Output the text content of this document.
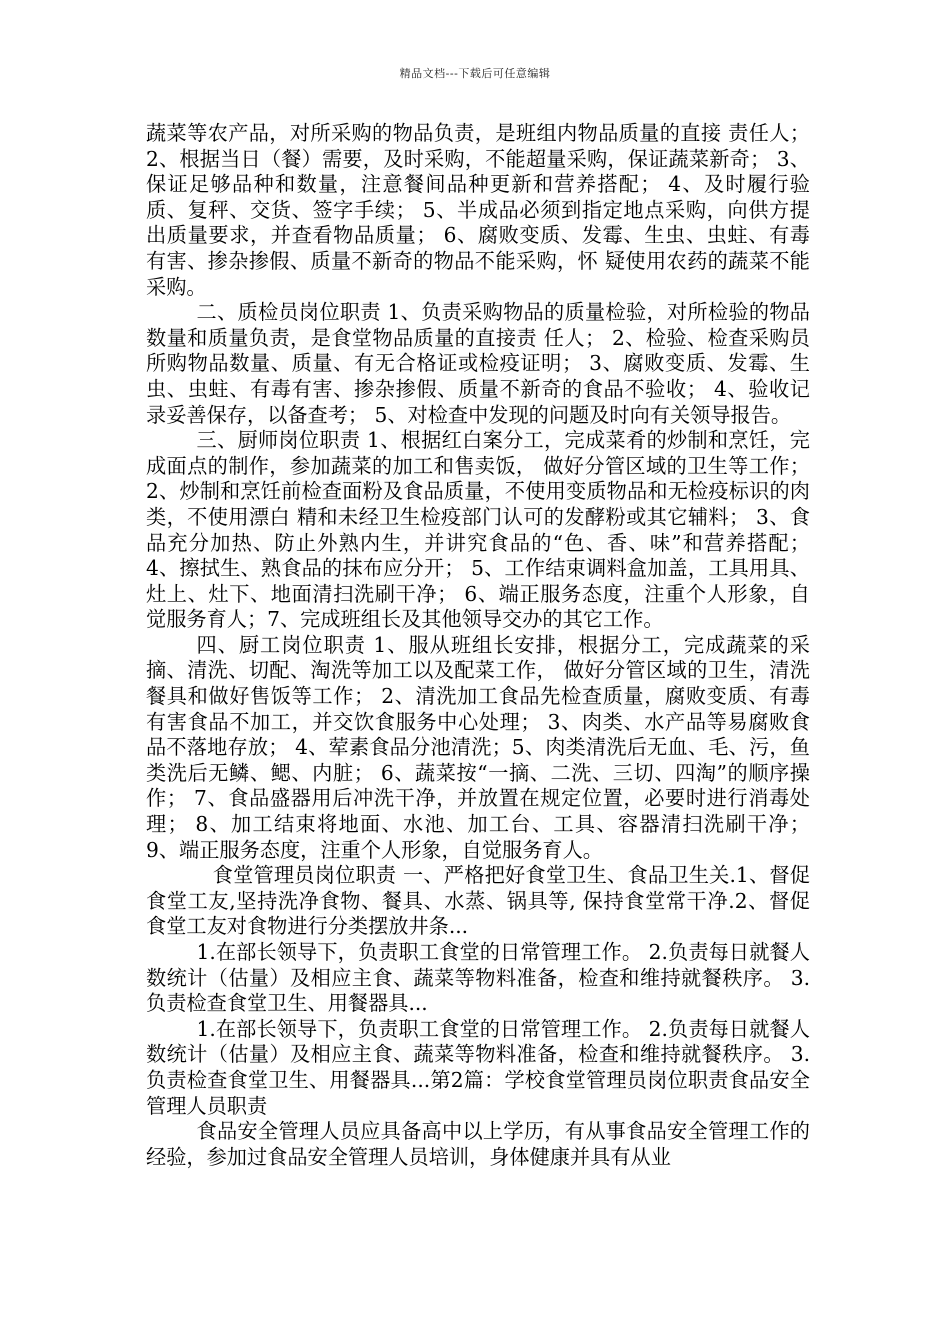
精品文档---下载后可任意编辑

蔬菜等农产品，对所采购的物品负责，是班组内物品质量的直接 责任人； 2、根据当日（餐）需要，及时采购，不能超量采购，保证蔬菜新奇； 3、保证足够品种和数量，注意餐间品种更新和营养搭配； 4、及时履行验质、复秤、交货、签字手续； 5、半成品必须到指定地点采购，向供方提出质量要求，并查看物品质量； 6、腐败变质、发霉、生虫、虫蛀、有毒有害、掺杂掺假、质量不新奇的物品不能采购，怀 疑使用农药的蔬菜不能采购。

二、质检员岗位职责 1、负责采购物品的质量检验，对所检验的物品数量和质量负责，是食堂物品质量的直接责 任人； 2、检验、检查采购员所购物品数量、质量、有无合格证或检疫证明； 3、腐败变质、发霉、生虫、虫蛀、有毒有害、掺杂掺假、质量不新奇的食品不验收； 4、验收记录妥善保存，以备查考； 5、对检查中发现的问题及时向有关领导报告。

三、厨师岗位职责 1、根据红白案分工，完成菜肴的炒制和烹饪，完成面点的制作，参加蔬菜的加工和售卖饭， 做好分管区域的卫生等工作； 2、炒制和烹饪前检查面粉及食品质量，不使用变质物品和无检疫标识的肉类，不使用漂白 精和未经卫生检疫部门认可的发酵粉或其它辅料； 3、食品充分加热、防止外熟内生，并讲究食品的“色、香、味”和营养搭配； 4、擦拭生、熟食品的抹布应分开； 5、工作结束调料盒加盖，工具用具、灶上、灶下、地面清扫洗刷干净； 6、端正服务态度，注重个人形象，自觉服务育人；7、完成班组长及其他领导交办的其它工作。

四、厨工岗位职责 1、服从班组长安排，根据分工，完成蔬菜的采摘、清洗、切配、淘洗等加工以及配菜工作， 做好分管区域的卫生，清洗餐具和做好售饭等工作； 2、清洗加工食品先检查质量，腐败变质、有毒有害食品不加工，并交饮食服务中心处理； 3、肉类、水产品等易腐败食品不落地存放； 4、荤素食品分池清洗；5、肉类清洗后无血、毛、污，鱼类洗后无鳞、鳃、内脏； 6、蔬菜按“一摘、二洗、三切、四淘”的顺序操作； 7、食品盛器用后冲洗干净，并放置在规定位置，必要时进行消毒处理； 8、加工结束将地面、水池、加工台、工具、容器清扫洗刷干净； 9、端正服务态度，注重个人形象，自觉服务育人。

食堂管理员岗位职责 一、严格把好食堂卫生、食品卫生关.1、督促食堂工友,坚持洗净食物、餐具、水蒸、锅具等, 保持食堂常干净.2、督促食堂工友对食物进行分类摆放井条...

1.在部长领导下，负责职工食堂的日常管理工作。 2.负责每日就餐人数统计（估量）及相应主食、蔬菜等物料准备，检查和维持就餐秩序。 3.负责检查食堂卫生、用餐器具...

1.在部长领导下，负责职工食堂的日常管理工作。 2.负责每日就餐人数统计（估量）及相应主食、蔬菜等物料准备，检查和维持就餐秩序。 3.负责检查食堂卫生、用餐器具...第2篇：学校食堂管理员岗位职责食品安全管理人员职责

食品安全管理人员应具备高中以上学历，有从事食品安全管理工作的经验，参加过食品安全管理人员培训，身体健康并具有从业
